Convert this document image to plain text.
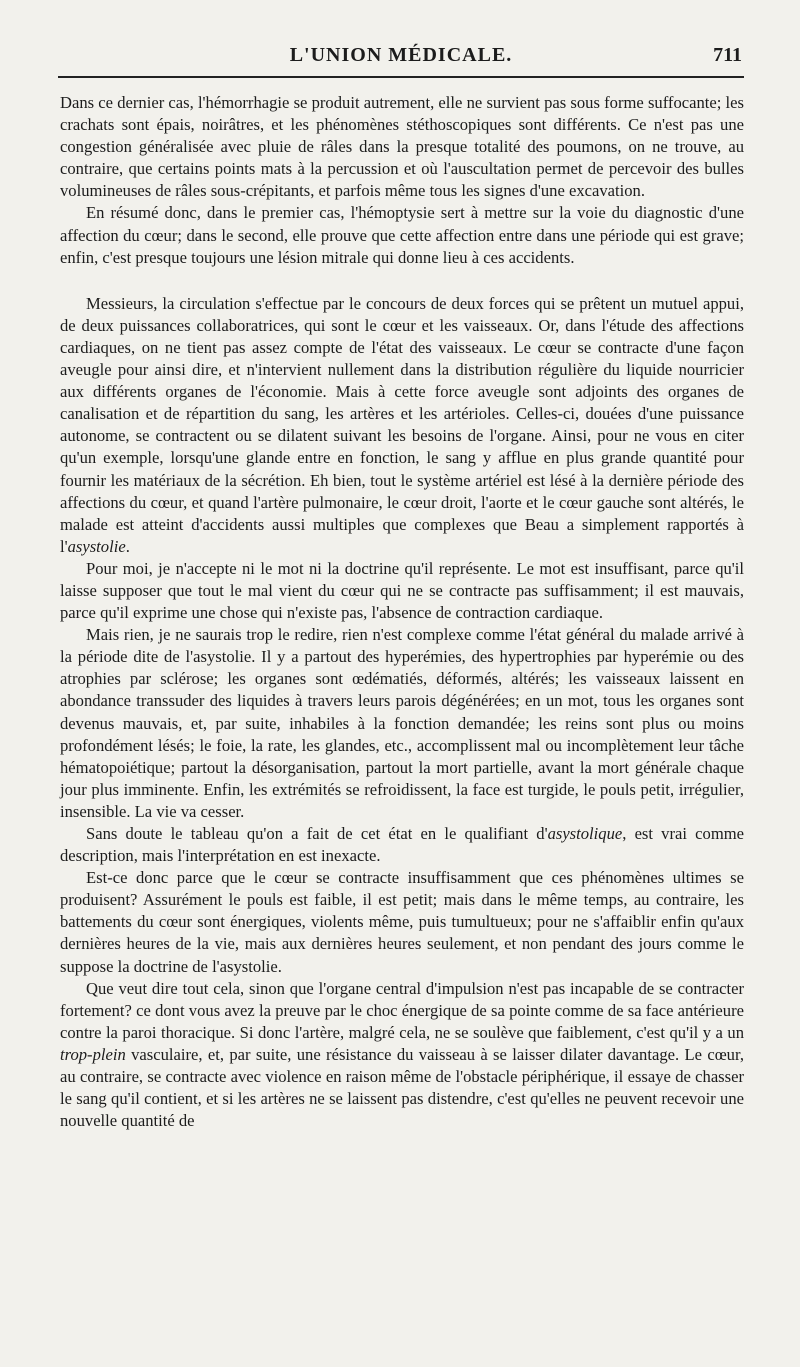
L'UNION MÉDICALE.	711

Dans ce dernier cas, l'hémorrhagie se produit autrement, elle ne survient pas sous forme suffocante; les crachats sont épais, noirâtres, et les phénomènes stéthoscopiques sont différents. Ce n'est pas une congestion généralisée avec pluie de râles dans la presque totalité des poumons, on ne trouve, au contraire, que certains points mats à la percussion et où l'auscultation permet de percevoir des bulles volumineuses de râles sous-crépitants, et parfois même tous les signes d'une excavation.

En résumé donc, dans le premier cas, l'hémoptysie sert à mettre sur la voie du diagnostic d'une affection du cœur; dans le second, elle prouve que cette affection entre dans une période qui est grave; enfin, c'est presque toujours une lésion mitrale qui donne lieu à ces accidents.

Messieurs, la circulation s'effectue par le concours de deux forces qui se prêtent un mutuel appui, de deux puissances collaboratrices, qui sont le cœur et les vaisseaux. Or, dans l'étude des affections cardiaques, on ne tient pas assez compte de l'état des vaisseaux. Le cœur se contracte d'une façon aveugle pour ainsi dire, et n'intervient nullement dans la distribution régulière du liquide nourricier aux différents organes de l'économie. Mais à cette force aveugle sont adjoints des organes de canalisation et de répartition du sang, les artères et les artérioles. Celles-ci, douées d'une puissance autonome, se contractent ou se dilatent suivant les besoins de l'organe. Ainsi, pour ne vous en citer qu'un exemple, lorsqu'une glande entre en fonction, le sang y afflue en plus grande quantité pour fournir les matériaux de la sécrétion. Eh bien, tout le système artériel est lésé à la dernière période des affections du cœur, et quand l'artère pulmonaire, le cœur droit, l'aorte et le cœur gauche sont altérés, le malade est atteint d'accidents aussi multiples que complexes que Beau a simplement rapportés à l'asystolie.

Pour moi, je n'accepte ni le mot ni la doctrine qu'il représente. Le mot est insuffisant, parce qu'il laisse supposer que tout le mal vient du cœur qui ne se contracte pas suffisamment; il est mauvais, parce qu'il exprime une chose qui n'existe pas, l'absence de contraction cardiaque.

Mais rien, je ne saurais trop le redire, rien n'est complexe comme l'état général du malade arrivé à la période dite de l'asystolie. Il y a partout des hyperémies, des hypertrophies par hyperémie ou des atrophies par sclérose; les organes sont œdématiés, déformés, altérés; les vaisseaux laissent en abondance transsuder des liquides à travers leurs parois dégénérées; en un mot, tous les organes sont devenus mauvais, et, par suite, inhabiles à la fonction demandée; les reins sont plus ou moins profondément lésés; le foie, la rate, les glandes, etc., accomplissent mal ou incomplètement leur tâche hématopoiétique; partout la désorganisation, partout la mort partielle, avant la mort générale chaque jour plus imminente. Enfin, les extrémités se refroidissent, la face est turgide, le pouls petit, irrégulier, insensible. La vie va cesser.

Sans doute le tableau qu'on a fait de cet état en le qualifiant d'asystolique, est vrai comme description, mais l'interprétation en est inexacte.

Est-ce donc parce que le cœur se contracte insuffisamment que ces phénomènes ultimes se produisent? Assurément le pouls est faible, il est petit; mais dans le même temps, au contraire, les battements du cœur sont énergiques, violents même, puis tumultueux; pour ne s'affaiblir enfin qu'aux dernières heures de la vie, mais aux dernières heures seulement, et non pendant des jours comme le suppose la doctrine de l'asystolie.

Que veut dire tout cela, sinon que l'organe central d'impulsion n'est pas incapable de se contracter fortement? ce dont vous avez la preuve par le choc énergique de sa pointe comme de sa face antérieure contre la paroi thoracique. Si donc l'artère, malgré cela, ne se soulève que faiblement, c'est qu'il y a un trop-plein vasculaire, et, par suite, une résistance du vaisseau à se laisser dilater davantage. Le cœur, au contraire, se contracte avec violence en raison même de l'obstacle périphérique, il essaye de chasser le sang qu'il contient, et si les artères ne se laissent pas distendre, c'est qu'elles ne peuvent recevoir une nouvelle quantité de
